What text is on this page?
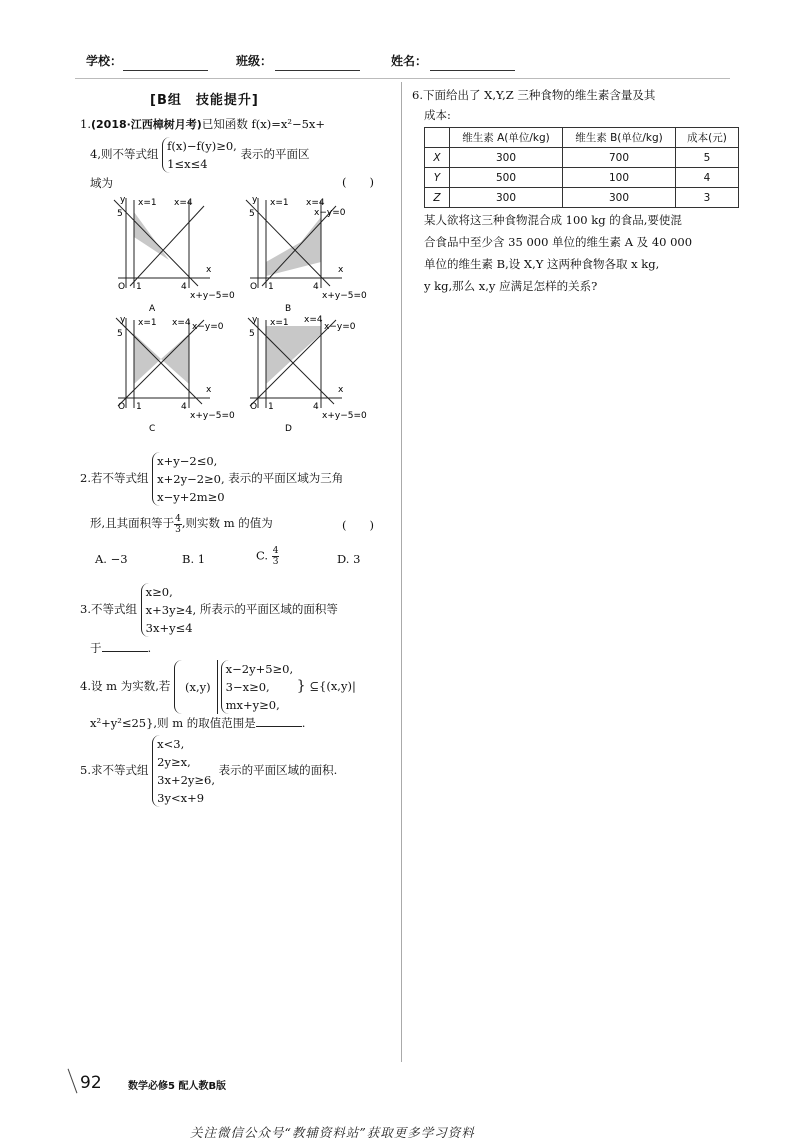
学校：	班级：	姓名：
[B组　技能提升]
1.(2018·江西樟树月考)已知函数 f(x)=x²−5x+
4,则不等式组 f(x)−f(y)≥0,
1≤x≤4 表示的平面区
域为	(　　)
y
5
x=1 x=4
x
O 1	4
x+y−5=0
A
y
5
x=1 x=4
x−y=0
x
O 1	4
x+y−5=0
B
y
5
x=1 x=4 x−y=0
x
O 1	4
x+y−5=0
C
y
5
x=1 x=4
x−y=0
x
O 1	4
x+y−5=0
D
2.若不等式组 x+y−2≤0,
x+2y−2≥0,
x−y+2m≥0 表示的平面区域为三角
形,且其面积等于 $\frac{4}{3}$,则实数 m 的值为	(　　)
A. −3	B. 1	C. $\frac{4}{3}$	D. 3
3.不等式组 x≥0,
x+3y≥4,
3x+y≤4 所表示的平面区域的面积等
于	.
4.设 m 为实数,若 (x,y)x−2y+5≥0,
3−x≥0,
mx+y≥0, } ⊆{(x,y)|
x²+y²≤25},则 m 的取值范围是	.
5.求不等式组 x<3,
2y≥x,
3x+2y≥6,
3y<x+9 表示的平面区域的面积.
6.下面给出了 X,Y,Z 三种食物的维生素含量及其
成本:
	维生素 A(单位/kg)	维生素 B(单位/kg)	成本(元)
X	300	700	5
Y	500	100	4
Z	300	300	3
某人欲将这三种食物混合成 100 kg 的食品,要使混
合食品中至少含 35 000 单位的维生素 A 及 40 000
单位的维生素 B,设 X,Y 这两种食物各取 x kg,
y kg,那么 x,y 应满足怎样的关系?
92	数学必修5 配人教B版
关注微信公众号“教辅资料站”获取更多学习资料
